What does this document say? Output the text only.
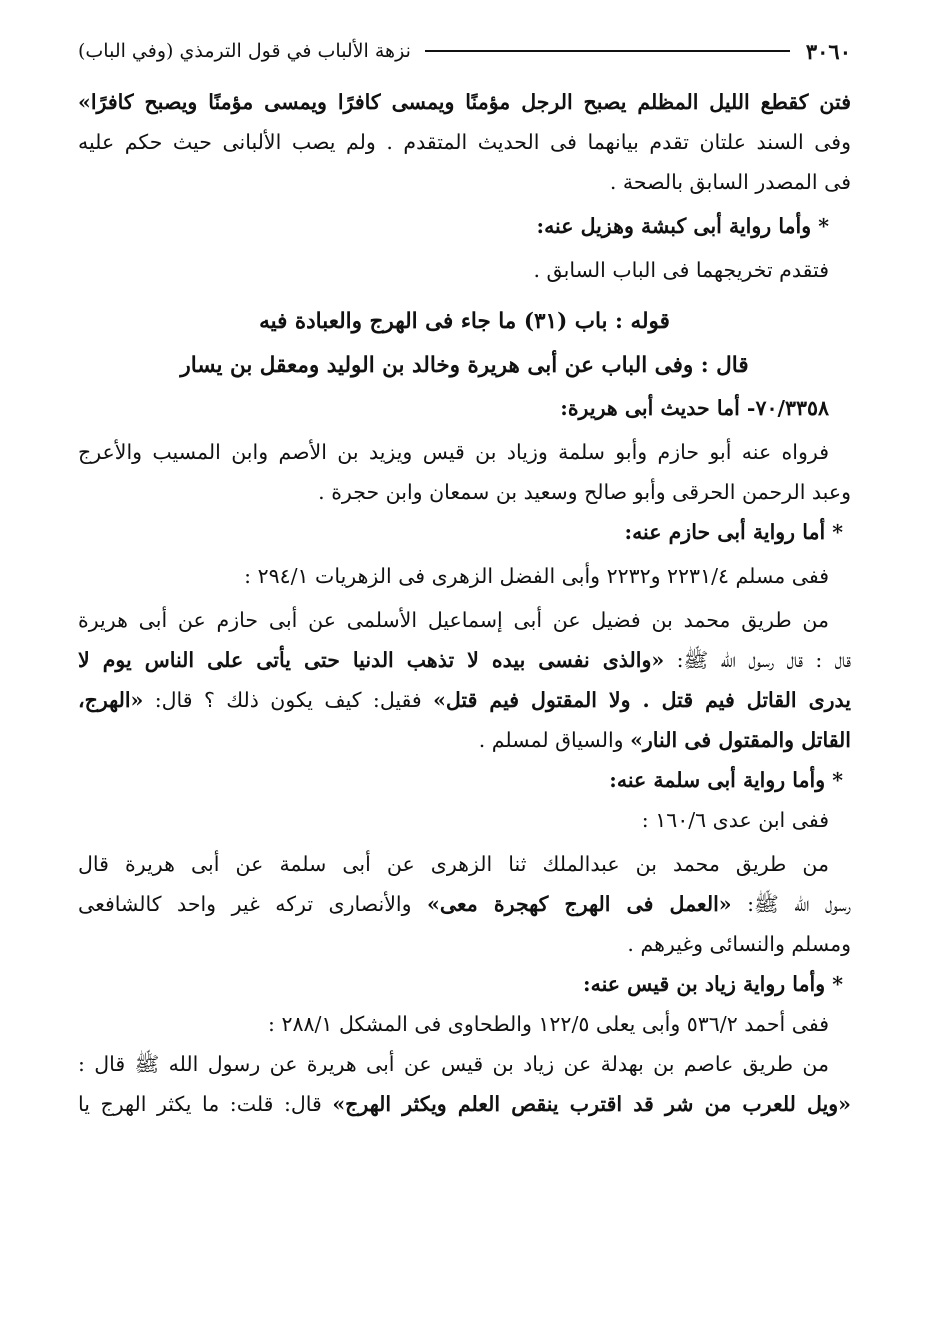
٣٠٦٠
نزهة الألباب في قول الترمذي (وفي الباب)
فتن كقطع الليل المظلم يصبح الرجل مؤمنًا ويمسى كافرًا ويمسى مؤمنًا ويصبح كافرًا»
وفى السند علتان تقدم بيانهما فى الحديث المتقدم . ولم يصب الألبانى حيث حكم عليه
فى المصدر السابق بالصحة .
* وأما رواية أبى كبشة وهزيل عنه:
فتقدم تخريجهما فى الباب السابق .
قوله : باب (٣١) ما جاء فى الهرج والعبادة فيه
قال : وفى الباب عن أبى هريرة وخالد بن الوليد ومعقل بن يسار
٧٠/٣٣٥٨- أما حديث أبى هريرة:
فرواه عنه أبو حازم وأبو سلمة وزياد بن قيس ويزيد بن الأصم وابن المسيب والأعرج
وعبد الرحمن الحرقى وأبو صالح وسعيد بن سمعان وابن حجرة .
* أما رواية أبى حازم عنه:
ففى مسلم ٢٢٣١/٤ و٢٢٣٢ وأبى الفضل الزهرى فى الزهريات ٢٩٤/١ :
من طريق محمد بن فضيل عن أبى إسماعيل الأسلمى عن أبى حازم عن أبى هريرة
قال : قال رسول الله ﷺ: «والذى نفسى بيده لا تذهب الدنيا حتى يأتى على الناس يوم لا
يدرى القاتل فيم قتل . ولا المقتول فيم قتل» فقيل: كيف يكون ذلك ؟ قال: «الهرج،
القاتل والمقتول فى النار» والسياق لمسلم .
* وأما رواية أبى سلمة عنه:
ففى ابن عدى ١٦٠/٦ :
من طريق محمد بن عبدالملك ثنا الزهرى عن أبى سلمة عن أبى هريرة قال
رسول الله ﷺ: «العمل فى الهرج كهجرة معى» والأنصارى تركه غير واحد كالشافعى
ومسلم والنسائى وغيرهم .
* وأما رواية زياد بن قيس عنه:
ففى أحمد ٥٣٦/٢ وأبى يعلى ١٢٢/٥ والطحاوى فى المشكل ٢٨٨/١ :
من طريق عاصم بن بهدلة عن زياد بن قيس عن أبى هريرة عن رسول الله ﷺ قال :
«ويل للعرب من شر قد اقترب ينقص العلم ويكثر الهرج» قال: قلت: ما يكثر الهرج يا
